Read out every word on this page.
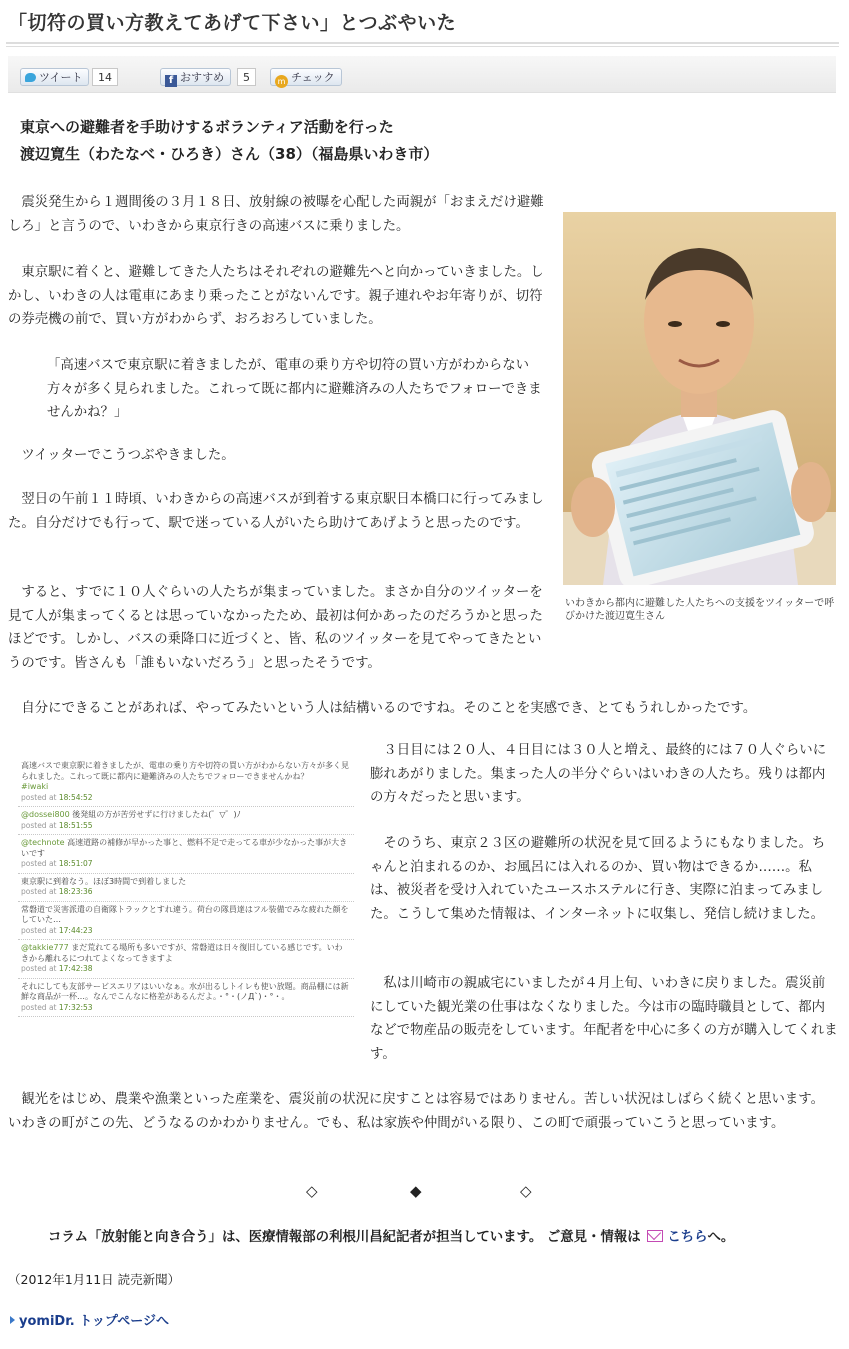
「切符の買い方教えてあげて下さい」とつぶやいた
ツイート	14	f おすすめ	5	m チェック
東京への避難者を手助けするボランティア活動を行った
渡辺寛生（わたなべ・ひろき）さん（38）（福島県いわき市）

震災発生から１週間後の３月１８日、放射線の被曝を心配した両親が「おまえだけ避難しろ」と言うので、いわきから東京行きの高速バスに乗りました。

東京駅に着くと、避難してきた人たちはそれぞれの避難先へと向かっていきました。しかし、いわきの人は電車にあまり乗ったことがないんです。親子連れやお年寄りが、切符の券売機の前で、買い方がわからず、おろおろしていました。

「高速バスで東京駅に着きましたが、電車の乗り方や切符の買い方がわからない方々が多く見られました。これって既に都内に避難済みの人たちでフォローできませんかね？」

ツイッターでこうつぶやきました。

翌日の午前１１時頃、いわきからの高速バスが到着する東京駅日本橋口に行ってみました。自分だけでも行って、駅で迷っている人がいたら助けてあげようと思ったのです。

すると、すでに１０人ぐらいの人たちが集まっていました。まさか自分のツイッターを見て人が集まってくるとは思っていなかったため、最初は何かあったのだろうかと思ったほどです。しかし、バスの乗降口に近づくと、皆、私のツイッターを見てやってきたというのです。皆さんも「誰もいないだろう」と思ったそうです。

いわきから都内に避難した人たちへの支援をツイッターで呼びかけた渡辺寛生さん

自分にできることがあれば、やってみたいという人は結構いるのですね。そのことを実感でき、とてもうれしかったです。

高速バスで東京駅に着きましたが、電車の乗り方や切符の買い方がわからない方々が多く見られました。これって既に都内に避難済みの人たちでフォローできませんかね？
#iwaki
posted at 18:54:52
@dossei800 後発組の方が苦労せずに行けましたね(゜▽゜)ﾉ
posted at 18:51:55
@technote 高速道路の補修が早かった事と、燃料不足で走ってる車が少なかった事が大きいです
posted at 18:51:07
東京駅に到着なう。ほぼ3時間で到着しました
posted at 18:23:36
常磐道で災害派遣の自衛隊トラックとすれ違う。荷台の隊員達はフル装備でみな疲れた顔をしていた…
posted at 17:44:23
@takkie777 まだ荒れてる場所も多いですが、常磐道は日々復旧している感じです。いわきから離れるにつれてよくなってきますよ
posted at 17:42:38
それにしても友部サービスエリアはいいなぁ。水が出るしトイレも使い放題。商品棚には新鮮な商品が一杯…。なんでこんなに格差があるんだよ。・°・(ノД`)・°・。
posted at 17:32:53

３日目には２０人、４日目には３０人と増え、最終的には７０人ぐらいに膨れあがりました。集まった人の半分ぐらいはいわきの人たち。残りは都内の方々だったと思います。

そのうち、東京２３区の避難所の状況を見て回るようにもなりました。ちゃんと泊まれるのか、お風呂には入れるのか、買い物はできるか……。私は、被災者を受け入れていたユースホステルに行き、実際に泊まってみました。こうして集めた情報は、インターネットに収集し、発信し続けました。

私は川崎市の親戚宅にいましたが４月上旬、いわきに戻りました。震災前にしていた観光業の仕事はなくなりました。今は市の臨時職員として、都内などで物産品の販売をしています。年配者を中心に多くの方が購入してくれます。

観光をはじめ、農業や漁業といった産業を、震災前の状況に戻すことは容易ではありません。苦しい状況はしばらく続くと思います。いわきの町がこの先、どうなるのかわかりません。でも、私は家族や仲間がいる限り、この町で頑張っていこうと思っています。

◇	◆	◇
コラム「放射能と向き合う」は、医療情報部の利根川昌紀記者が担当しています。 ご意見・情報は こちらへ。
（2012年1月11日 読売新聞）
yomiDr. トップページへ
